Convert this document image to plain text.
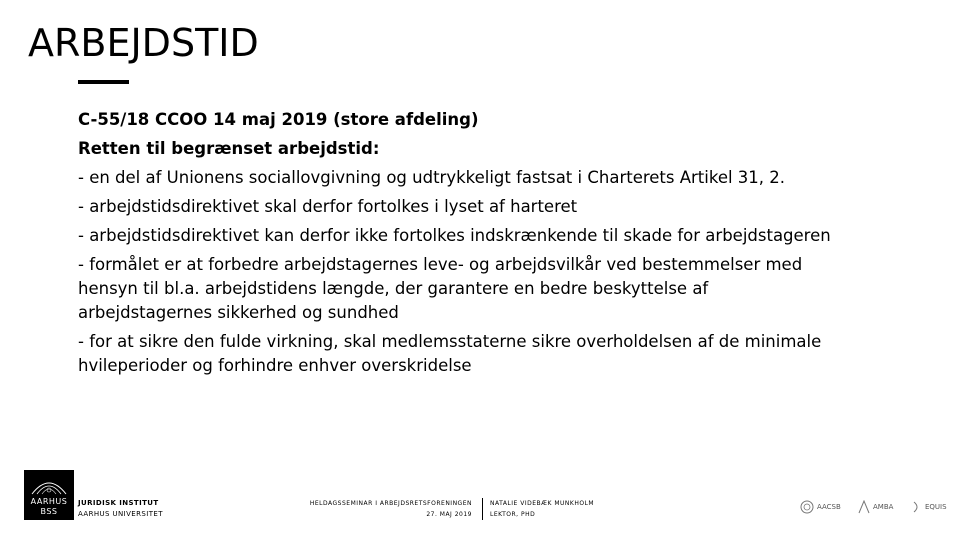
ARBEJDSTID
C-55/18 CCOO 14 maj 2019 (store afdeling)
Retten til begrænset arbejdstid:
- en del af Unionens sociallovgivning og udtrykkeligt fastsat i Charterets Artikel 31, 2.
- arbejdstidsdirektivet skal derfor fortolkes i lyset af harteret
- arbejdstidsdirektivet kan derfor ikke fortolkes indskrænkende til skade for arbejdstageren
- formålet er at forbedre arbejdstagernes leve- og arbejdsvilkår ved bestemmelser med
hensyn til bl.a. arbejdstidens længde, der garantere en bedre beskyttelse af
arbejdstagernes sikkerhed og sundhed
- for at sikre den fulde virkning, skal medlemsstaterne sikre overholdelsen af de minimale
hvileperioder og forhindre enhver overskridelse
AARHUS
BSS
JURIDISK INSTITUT
AARHUS UNIVERSITET
HELDAGSSEMINAR I ARBEJDSRETSFORENINGEN
27. MAJ 2019
NATALIE VIDEBÆK MUNKHOLM
LEKTOR, PHD
AACSB	AMBA	EQUIS
